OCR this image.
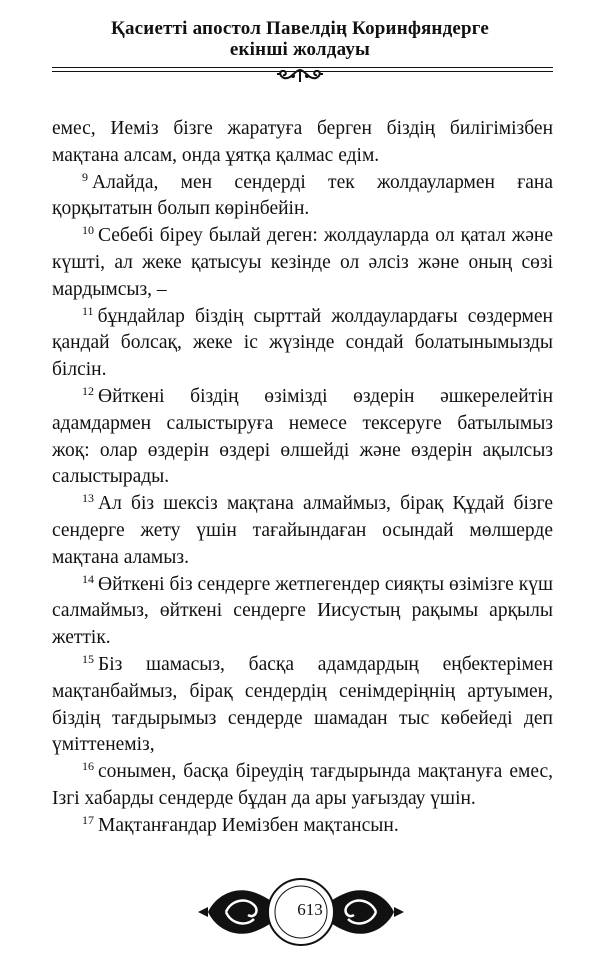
Қасиетті апостол Павелдің Коринфяндерге
екінші жолдауы
емес, Иеміз бізге жаратуға берген біздің билігімізбен
мақтана алсам, онда ұятқа қалмас едім.
$^9$ Алайда, мен сендерді тек жолдаулармен ғана
қорқытатын болып көрінбейін.
$^{10}$ Себебі біреу былай деген: жолдауларда ол қатал және
күшті, ал жеке қатысуы кезінде ол әлсіз және оның сөзі
мардымсыз, –
$^{11}$ бұндайлар біздің сырттай жолдаулардағы сөздермен
қандай болсақ, жеке іс жүзінде сондай болатынымызды
білсін.
$^{12}$ Өйткені біздің өзімізді өздерін әшкерелейтін
адамдармен салыстыруға немесе тексеруге батылымыз
жоқ: олар өздерін өздері өлшейді және өздерін ақылсыз
салыстырады.
$^{13}$ Ал біз шексіз мақтана алмаймыз, бірақ Құдай бізге
сендерге жету үшін тағайындаған осындай мөлшерде
мақтана аламыз.
$^{14}$ Өйткені біз сендерге жетпегендер сияқты өзімізге күш
салмаймыз, өйткені сендерге Иисустың рақымы арқылы
жеттік.
$^{15}$ Біз шамасыз, басқа адамдардың еңбектерімен
мақтанбаймыз, бірақ сендердің сенімдеріңнің артуымен,
біздің тағдырымыз сендерде шамадан тыс көбейеді деп
үміттенеміз,
$^{16}$ сонымен, басқа біреудің тағдырында мақтануға емес,
Ізгі хабарды сендерде бұдан да ары уағыздау үшін.
$^{17}$ Мақтанғандар Иемізбен мақтансын.
613
